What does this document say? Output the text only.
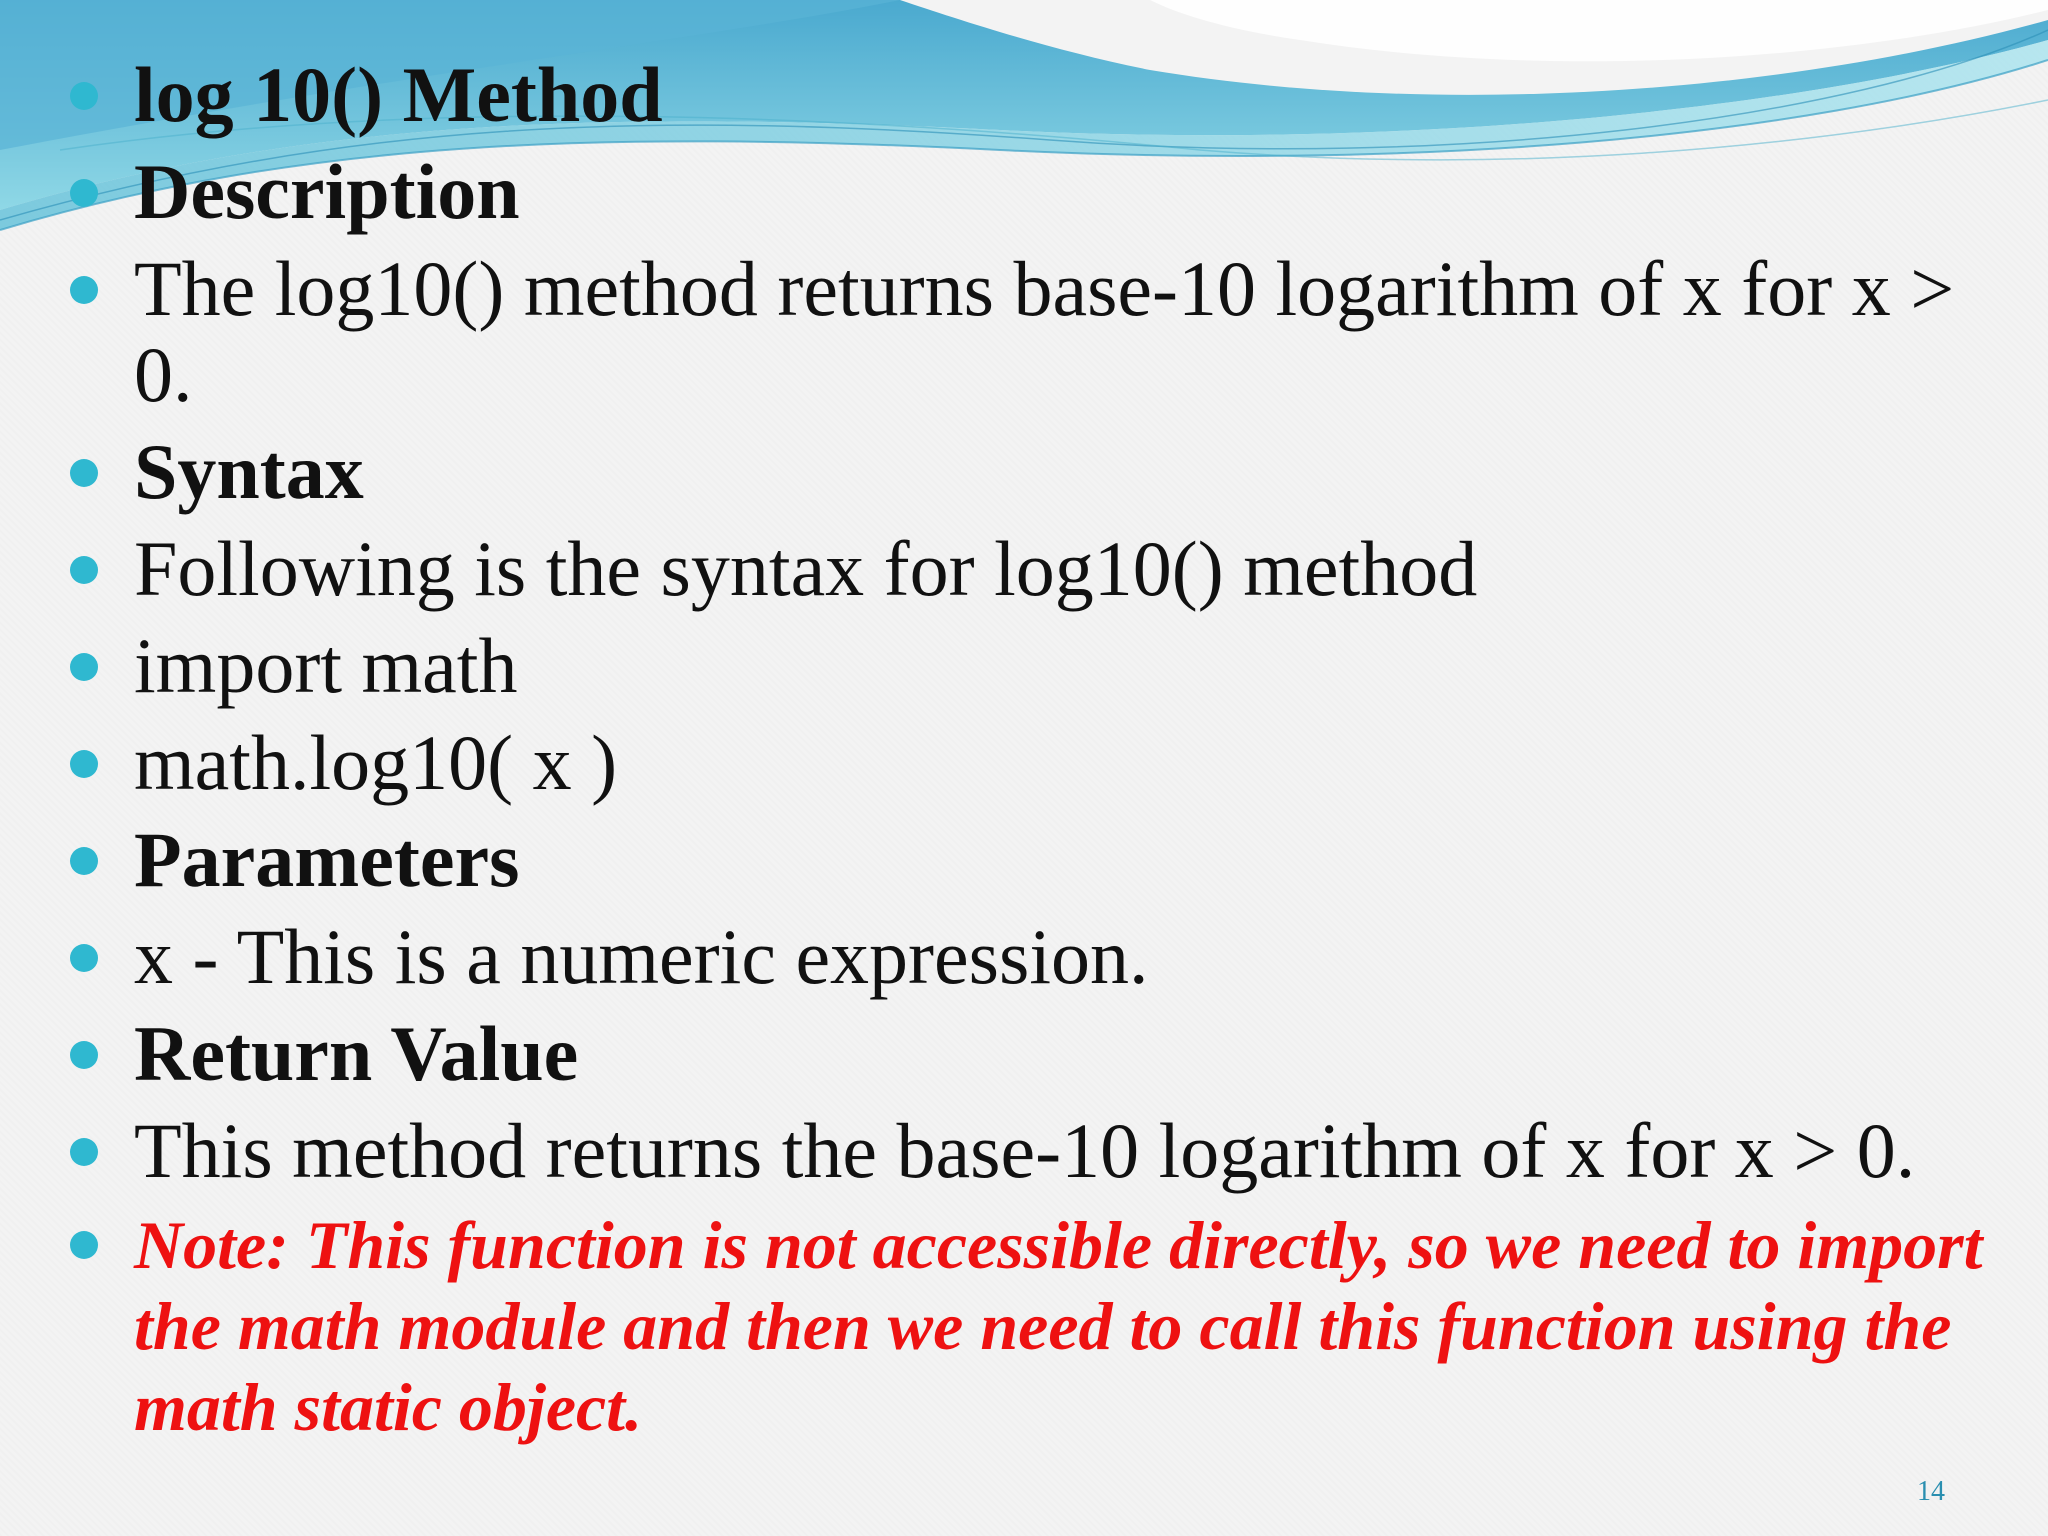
log 10() Method
Description
The log10() method returns base-10 logarithm of x for x > 0.
Syntax
Following is the syntax for log10() method
import math
math.log10( x )
Parameters
x - This is a numeric expression.
Return Value
This method returns the base-10 logarithm of x for x > 0.
Note: This function is not accessible directly, so we need to import the math module and then we need to call this function using the math static object.
14
